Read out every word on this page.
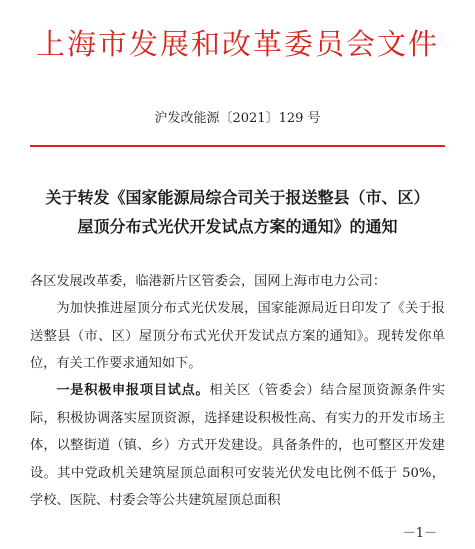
上海市发展和改革委员会文件
沪发改能源〔2021〕129 号
关于转发《国家能源局综合司关于报送整县（市、区）
屋顶分布式光伏开发试点方案的通知》的通知
各区发展改革委，临港新片区管委会，国网上海市电力公司：
为加快推进屋顶分布式光伏发展，国家能源局近日印发了《关于报送整县（市、区）屋顶分布式光伏开发试点方案的通知》。现转发你单位，有关工作要求通知如下。
一是积极申报项目试点。相关区（管委会）结合屋顶资源条件实际，积极协调落实屋顶资源，选择建设积极性高、有实力的开发市场主体，以整街道（镇、乡）方式开发建设。具备条件的，也可整区开发建设。其中党政机关建筑屋顶总面积可安装光伏发电比例不低于 50%，学校、医院、村委会等公共建筑屋顶总面积
－1－
